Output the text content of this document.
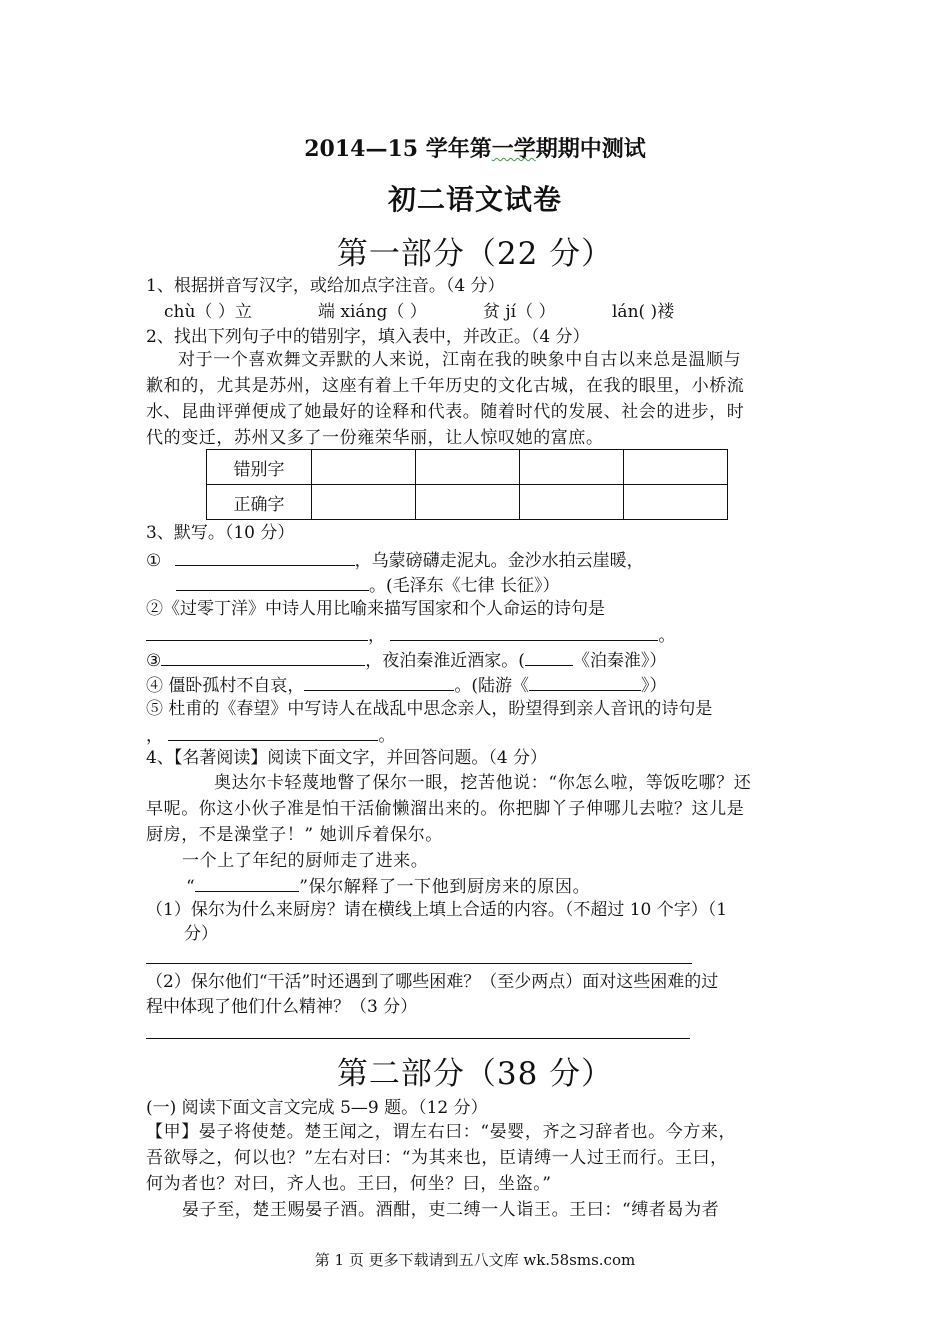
2014—15 学年第一学期期中测试
初二语文试卷
第一部分（22 分）
1、根据拼音写汉字，或给加点字注音。（4 分）
chù（ ）立	端 xiáng（ ）	贫 jí（ ）	lán( )褛
2、找出下列句子中的错别字，填入表中，并改正。（4 分）
对于一个喜欢舞文弄默的人来说，江南在我的映象中自古以来总是温顺与
歉和的，尤其是苏州，这座有着上千年历史的文化古城，在我的眼里，小桥流
水、昆曲评弹便成了她最好的诠释和代表。随着时代的发展、社会的进步，时
代的变迁，苏州又多了一份雍荣华丽，让人惊叹她的富庶。
错别字				
正确字				
3、默写。（10 分）
①	，乌蒙磅礴走泥丸。金沙水拍云崖暖，
。(毛泽东《七律 长征》）
②《过零丁洋》中诗人用比喻来描写国家和个人命运的诗句是
，	。
③	，夜泊秦淮近酒家。(	《泊秦淮》）
④ 僵卧孤村不自哀，	。(陆游《	》）
⑤ 杜甫的《春望》中写诗人在战乱中思念亲人，盼望得到亲人音讯的诗句是
，	。
4、【名著阅读】阅读下面文字，并回答问题。（4 分）
奥达尔卡轻蔑地瞥了保尔一眼，挖苦他说：“你怎么啦，等饭吃哪？还
早呢。你这小伙子准是怕干活偷懒溜出来的。你把脚丫子伸哪儿去啦？这儿是
厨房，不是澡堂子！” 她训斥着保尔。
一个上了年纪的厨师走了进来。
“	”保尔解释了一下他到厨房来的原因。
（1）保尔为什么来厨房？请在横线上填上合适的内容。（不超过 10 个字）（1
分）
（2）保尔他们“干活”时还遇到了哪些困难？（至少两点）面对这些困难的过
程中体现了他们什么精神？（3 分）
第二部分（38 分）
(一) 阅读下面文言文完成 5—9 题。（12 分）
【甲】晏子将使楚。楚王闻之，谓左右曰：“晏婴，齐之习辞者也。今方来，
吾欲辱之，何以也？”左右对曰：“为其来也，臣请缚一人过王而行。王曰，
何为者也？对曰，齐人也。王曰，何坐？曰，坐盗。”
晏子至，楚王赐晏子酒。酒酣，吏二缚一人诣王。王曰：“缚者曷为者
第 1 页 更多下载请到五八文库 wk.58sms.com
